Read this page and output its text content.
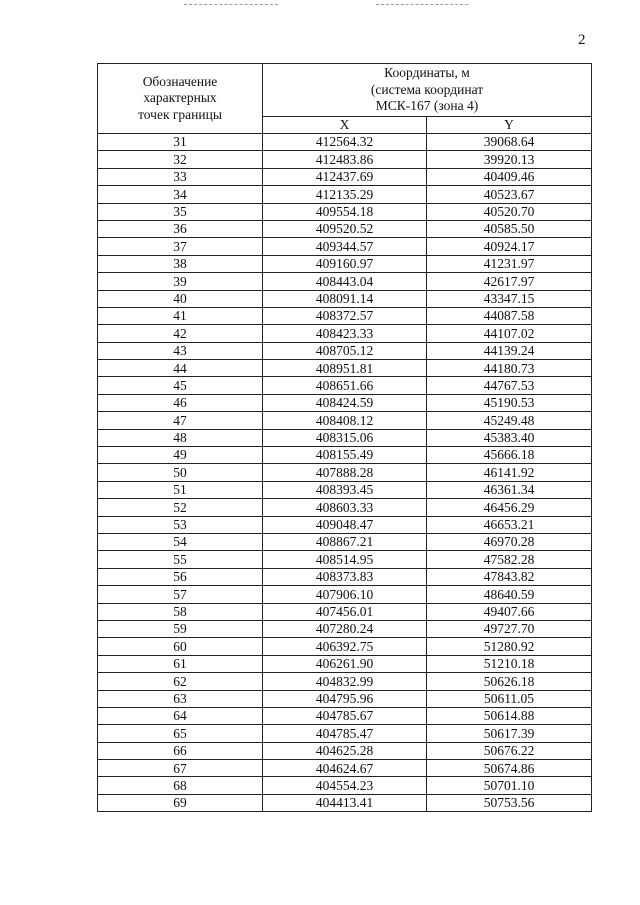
2
Обозначение
характерных
точек границы	Координаты, м
(система координат
МСК-167 (зона 4)	

	X	Y
31	412564.32	39068.64
32	412483.86	39920.13
33	412437.69	40409.46
34	412135.29	40523.67
35	409554.18	40520.70
36	409520.52	40585.50
37	409344.57	40924.17
38	409160.97	41231.97
39	408443.04	42617.97
40	408091.14	43347.15
41	408372.57	44087.58
42	408423.33	44107.02
43	408705.12	44139.24
44	408951.81	44180.73
45	408651.66	44767.53
46	408424.59	45190.53
47	408408.12	45249.48
48	408315.06	45383.40
49	408155.49	45666.18
50	407888.28	46141.92
51	408393.45	46361.34
52	408603.33	46456.29
53	409048.47	46653.21
54	408867.21	46970.28
55	408514.95	47582.28
56	408373.83	47843.82
57	407906.10	48640.59
58	407456.01	49407.66
59	407280.24	49727.70
60	406392.75	51280.92
61	406261.90	51210.18
62	404832.99	50626.18
63	404795.96	50611.05
64	404785.67	50614.88
65	404785.47	50617.39
66	404625.28	50676.22
67	404624.67	50674.86
68	404554.23	50701.10
69	404413.41	50753.56
